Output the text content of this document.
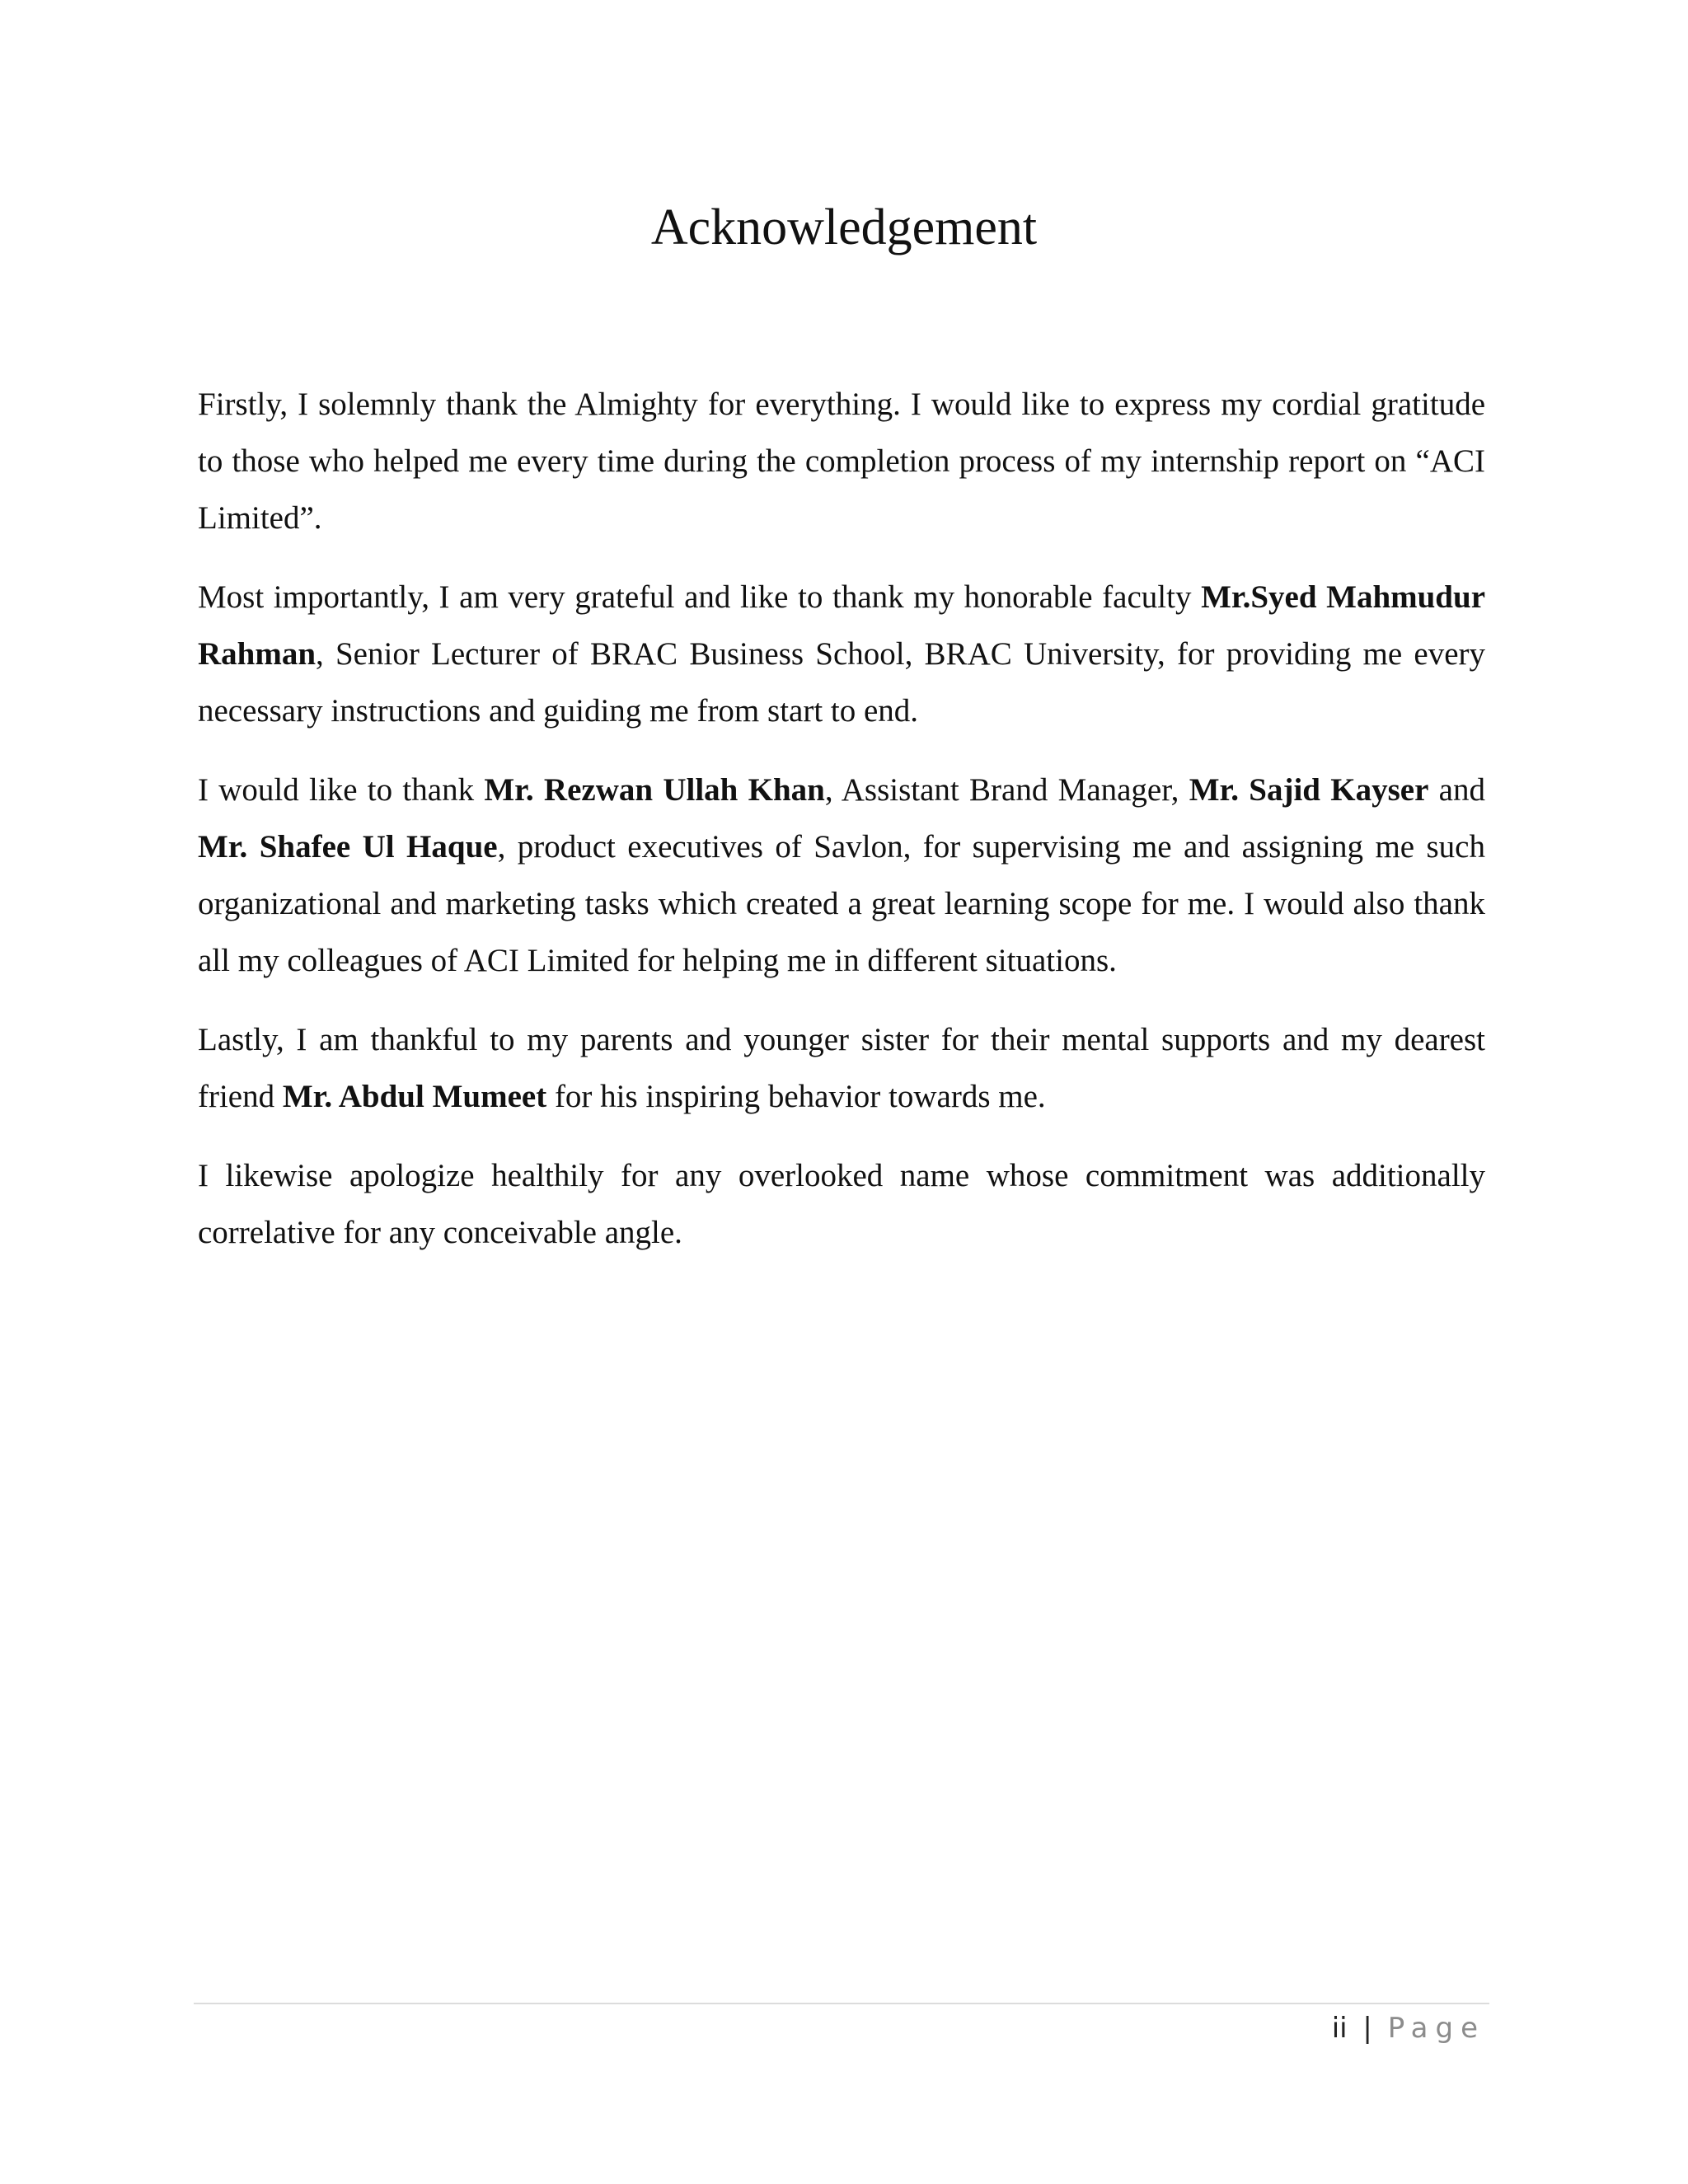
Acknowledgement

Firstly, I solemnly thank the Almighty for everything. I would like to express my cordial gratitude to those who helped me every time during the completion process of my internship report on “ACI Limited”.

Most importantly, I am very grateful and like to thank my honorable faculty Mr.Syed Mahmudur Rahman, Senior Lecturer of BRAC Business School, BRAC University, for providing me every necessary instructions and guiding me from start to end.

I would like to thank Mr. Rezwan Ullah Khan, Assistant Brand Manager, Mr. Sajid Kayser and Mr. Shafee Ul Haque, product executives of Savlon, for supervising me and assigning me such organizational and marketing tasks which created a great learning scope for me. I would also thank all my colleagues of ACI Limited for helping me in different situations.

Lastly, I am thankful to my parents and younger sister for their mental supports and my dearest friend Mr. Abdul Mumeet for his inspiring behavior towards me.

I likewise apologize healthily for any overlooked name whose commitment was additionally correlative for any conceivable angle.

ii | Page
